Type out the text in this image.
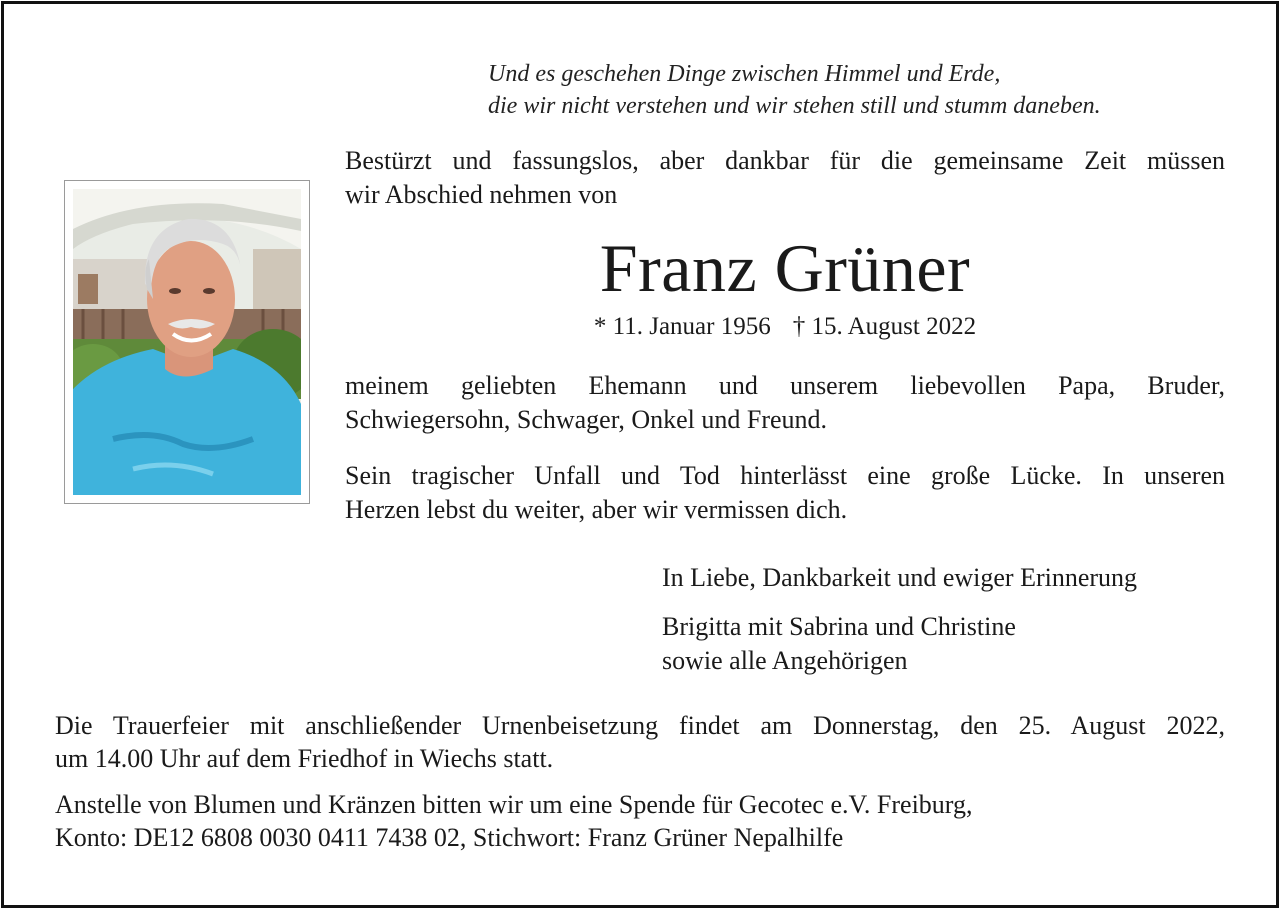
Und es geschehen Dinge zwischen Himmel und Erde,
die wir nicht verstehen und wir stehen still und stumm daneben.
Bestürzt und fassungslos, aber dankbar für die gemeinsame Zeit müssen
wir Abschied nehmen von
Franz Grüner
* 11. Januar 1956 † 15. August 2022
meinem geliebten Ehemann und unserem liebevollen Papa, Bruder,
Schwiegersohn, Schwager, Onkel und Freund.
Sein tragischer Unfall und Tod hinterlässt eine große Lücke. In unseren
Herzen lebst du weiter, aber wir vermissen dich.
In Liebe, Dankbarkeit und ewiger Erinnerung
Brigitta mit Sabrina und Christine
sowie alle Angehörigen
Die Trauerfeier mit anschließender Urnenbeisetzung findet am Donnerstag, den 25. August 2022,
um 14.00 Uhr auf dem Friedhof in Wiechs statt.
Anstelle von Blumen und Kränzen bitten wir um eine Spende für Gecotec e.V. Freiburg,
Konto: DE12 6808 0030 0411 7438 02, Stichwort: Franz Grüner Nepalhilfe
